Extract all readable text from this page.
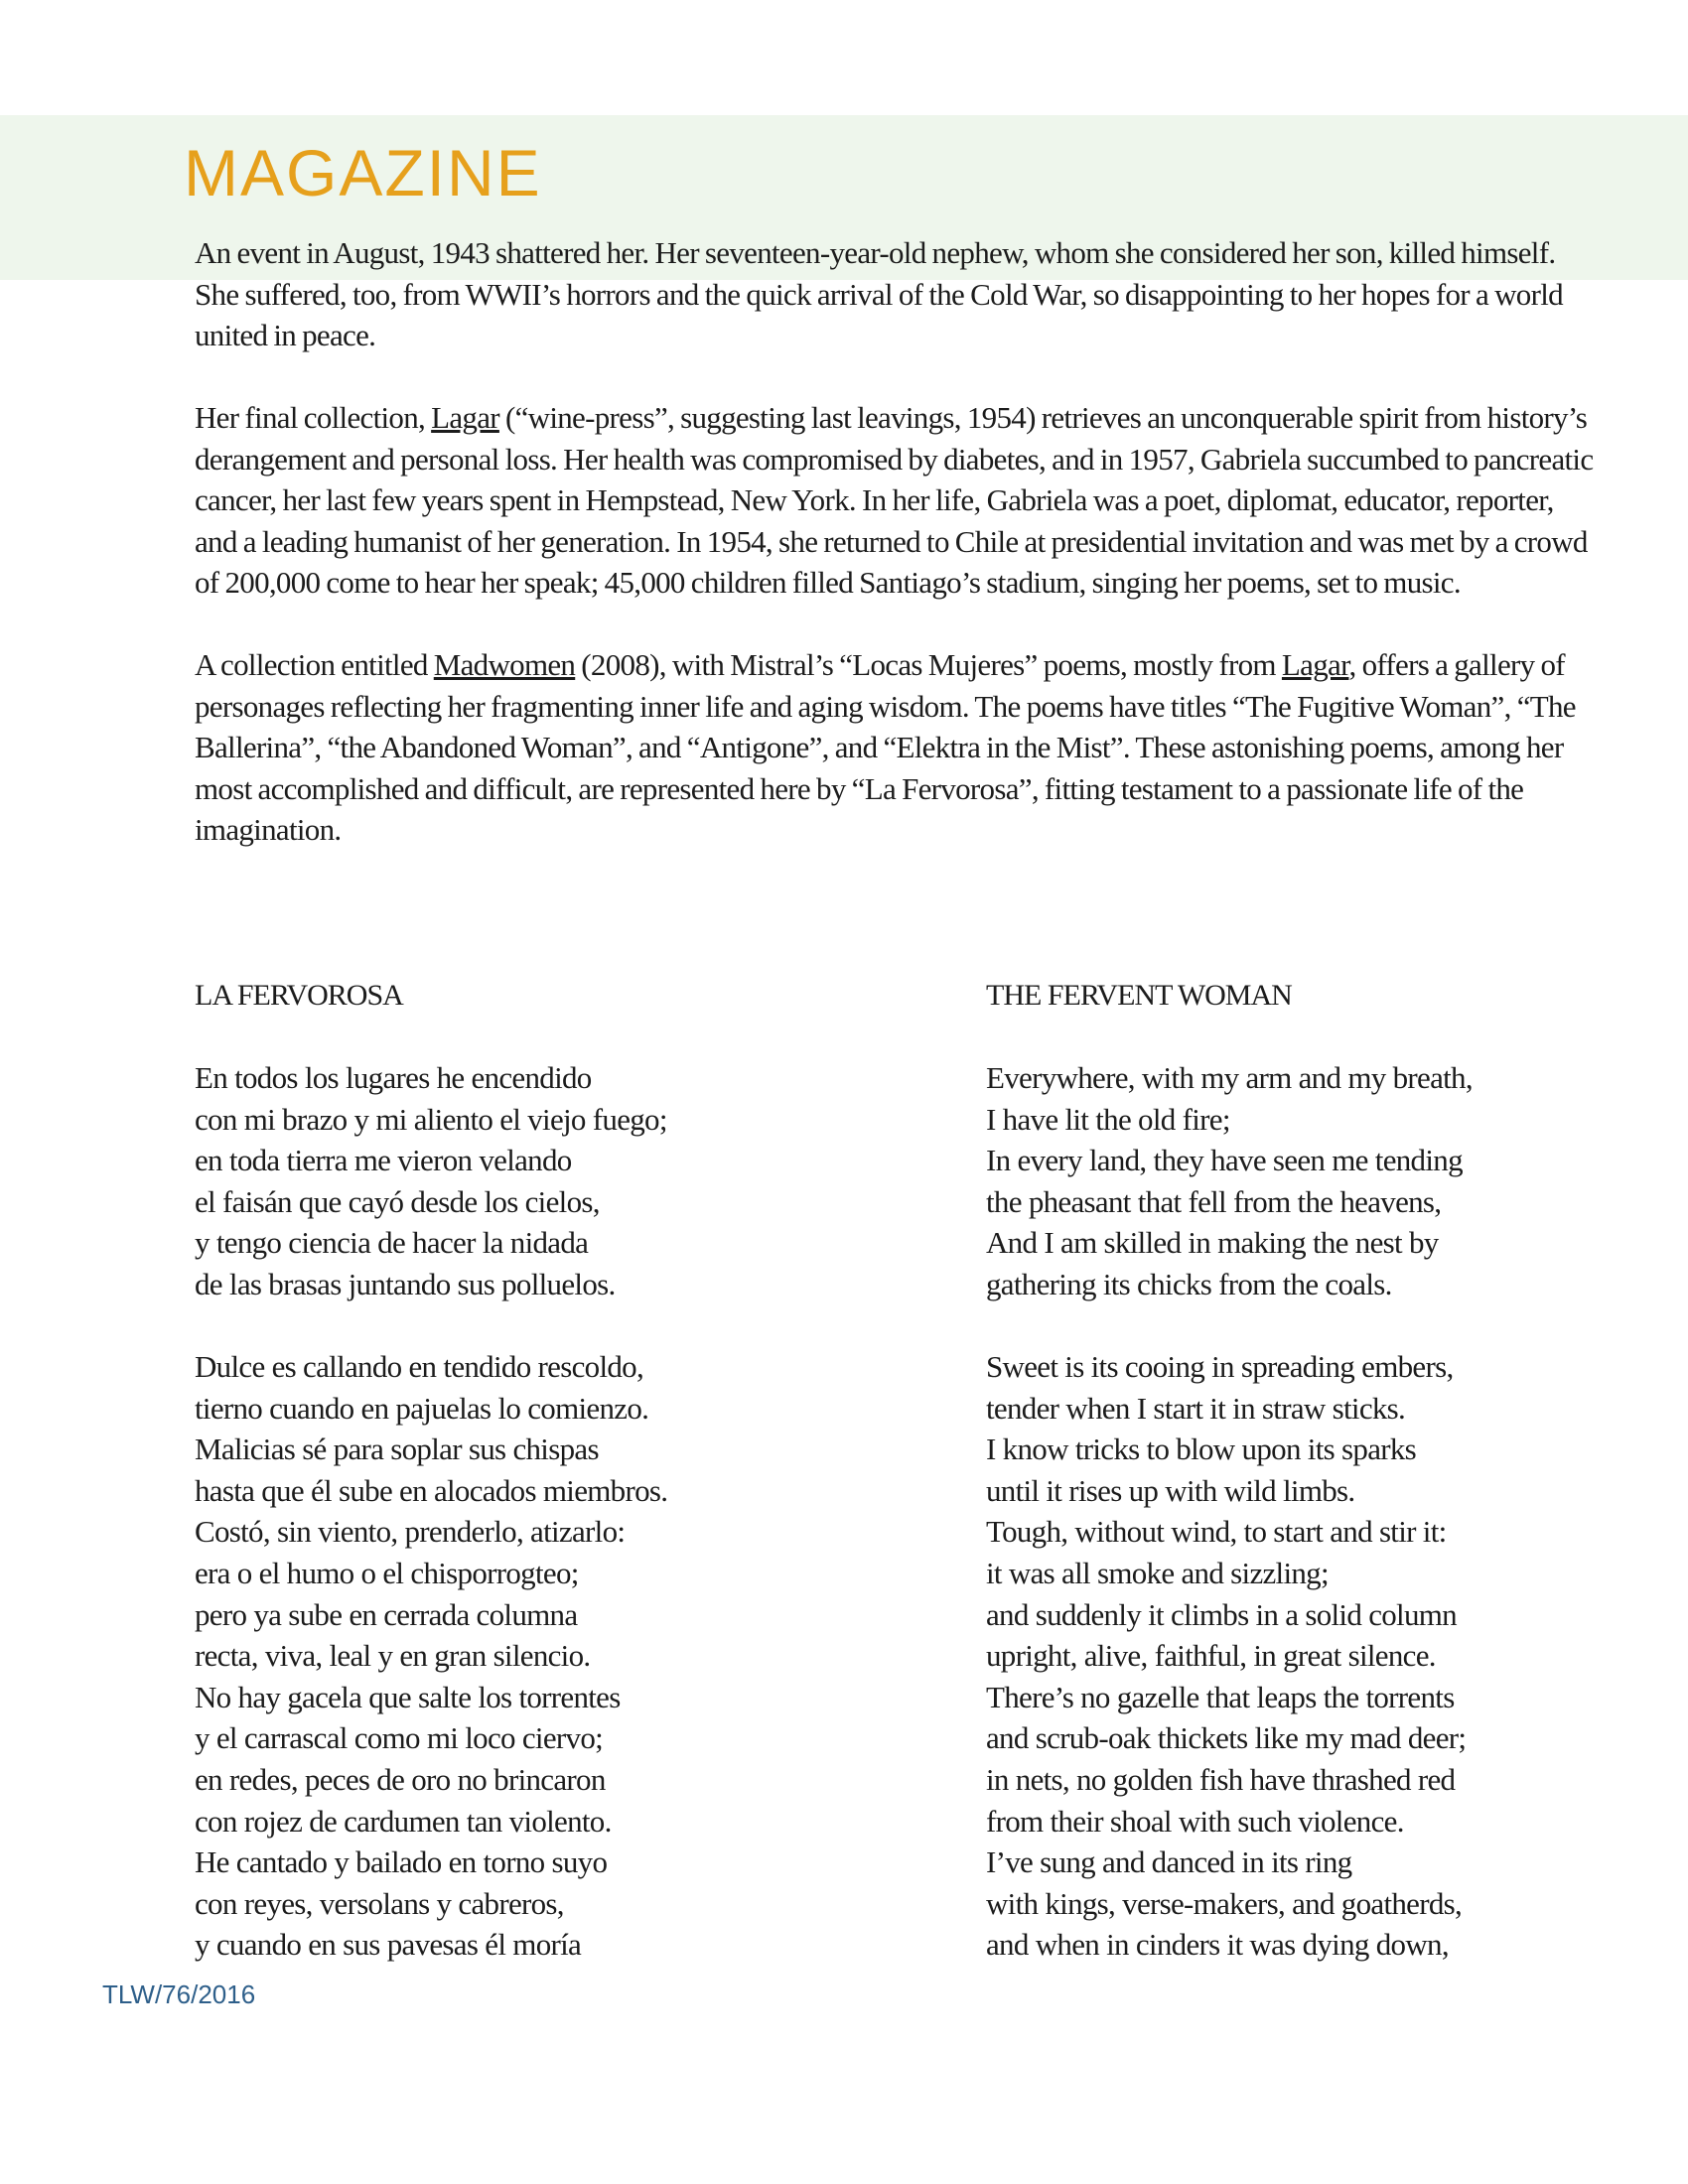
MAGAZINE

An event in August, 1943 shattered her. Her seventeen-year-old nephew, whom she considered her son, killed himself. She suffered, too, from WWII’s horrors and the quick arrival of the Cold War, so disappointing to her hopes for a world united in peace.

Her final collection, Lagar (“wine-press”, suggesting last leavings, 1954) retrieves an unconquerable spirit from history’s derangement and personal loss. Her health was compromised by diabetes, and in 1957, Gabriela succumbed to pancreatic cancer, her last few years spent in Hempstead, New York. In her life, Gabriela was a poet, diplomat, educator, reporter, and a leading humanist of her generation. In 1954, she returned to Chile at presidential invitation and was met by a crowd of 200,000 come to hear her speak; 45,000 children filled Santiago’s stadium, singing her poems, set to music.

A collection entitled Madwomen (2008), with Mistral’s “Locas Mujeres” poems, mostly from Lagar, offers a gallery of personages reflecting her fragmenting inner life and aging wisdom. The poems have titles “The Fugitive Woman”, “The Ballerina”, “the Abandoned Woman”, and “Antigone”, and “Elektra in the Mist”. These astonishing poems, among her most accomplished and difficult, are represented here by “La Fervorosa”, fitting testament to a passionate life of the imagination.

LA FERVOROSA
En todos los lugares he encendido
con mi brazo y mi aliento el viejo fuego;
en toda tierra me vieron velando
el faisán que cayó desde los cielos,
y tengo ciencia de hacer la nidada
de las brasas juntando sus polluelos.
Dulce es callando en tendido rescoldo,
tierno cuando en pajuelas lo comienzo.
Malicias sé para soplar sus chispas
hasta que él sube en alocados miembros.
Costó, sin viento, prenderlo, atizarlo:
era o el humo o el chisporrogteo;
pero ya sube en cerrada columna
recta, viva, leal y en gran silencio.
No hay gacela que salte los torrentes
y el carrascal como mi loco ciervo;
en redes, peces de oro no brincaron
con rojez de cardumen tan violento.
He cantado y bailado en torno suyo
con reyes, versolans y cabreros,
y cuando en sus pavesas él moría
THE FERVENT WOMAN
Everywhere, with my arm and my breath,
I have lit the old fire;
In every land, they have seen me tending
the pheasant that fell from the heavens,
And I am skilled in making the nest by
gathering its chicks from the coals.
Sweet is its cooing in spreading embers,
tender when I start it in straw sticks.
I know tricks to blow upon its sparks
until it rises up with wild limbs.
Tough, without wind, to start and stir it:
it was all smoke and sizzling;
and suddenly it climbs in a solid column
upright, alive, faithful, in great silence.
There’s no gazelle that leaps the torrents
and scrub-oak thickets like my mad deer;
in nets, no golden fish have thrashed red
from their shoal with such violence.
I’ve sung and danced in its ring
with kings, verse-makers, and goatherds,
and when in cinders it was dying down,
TLW/76/2016
